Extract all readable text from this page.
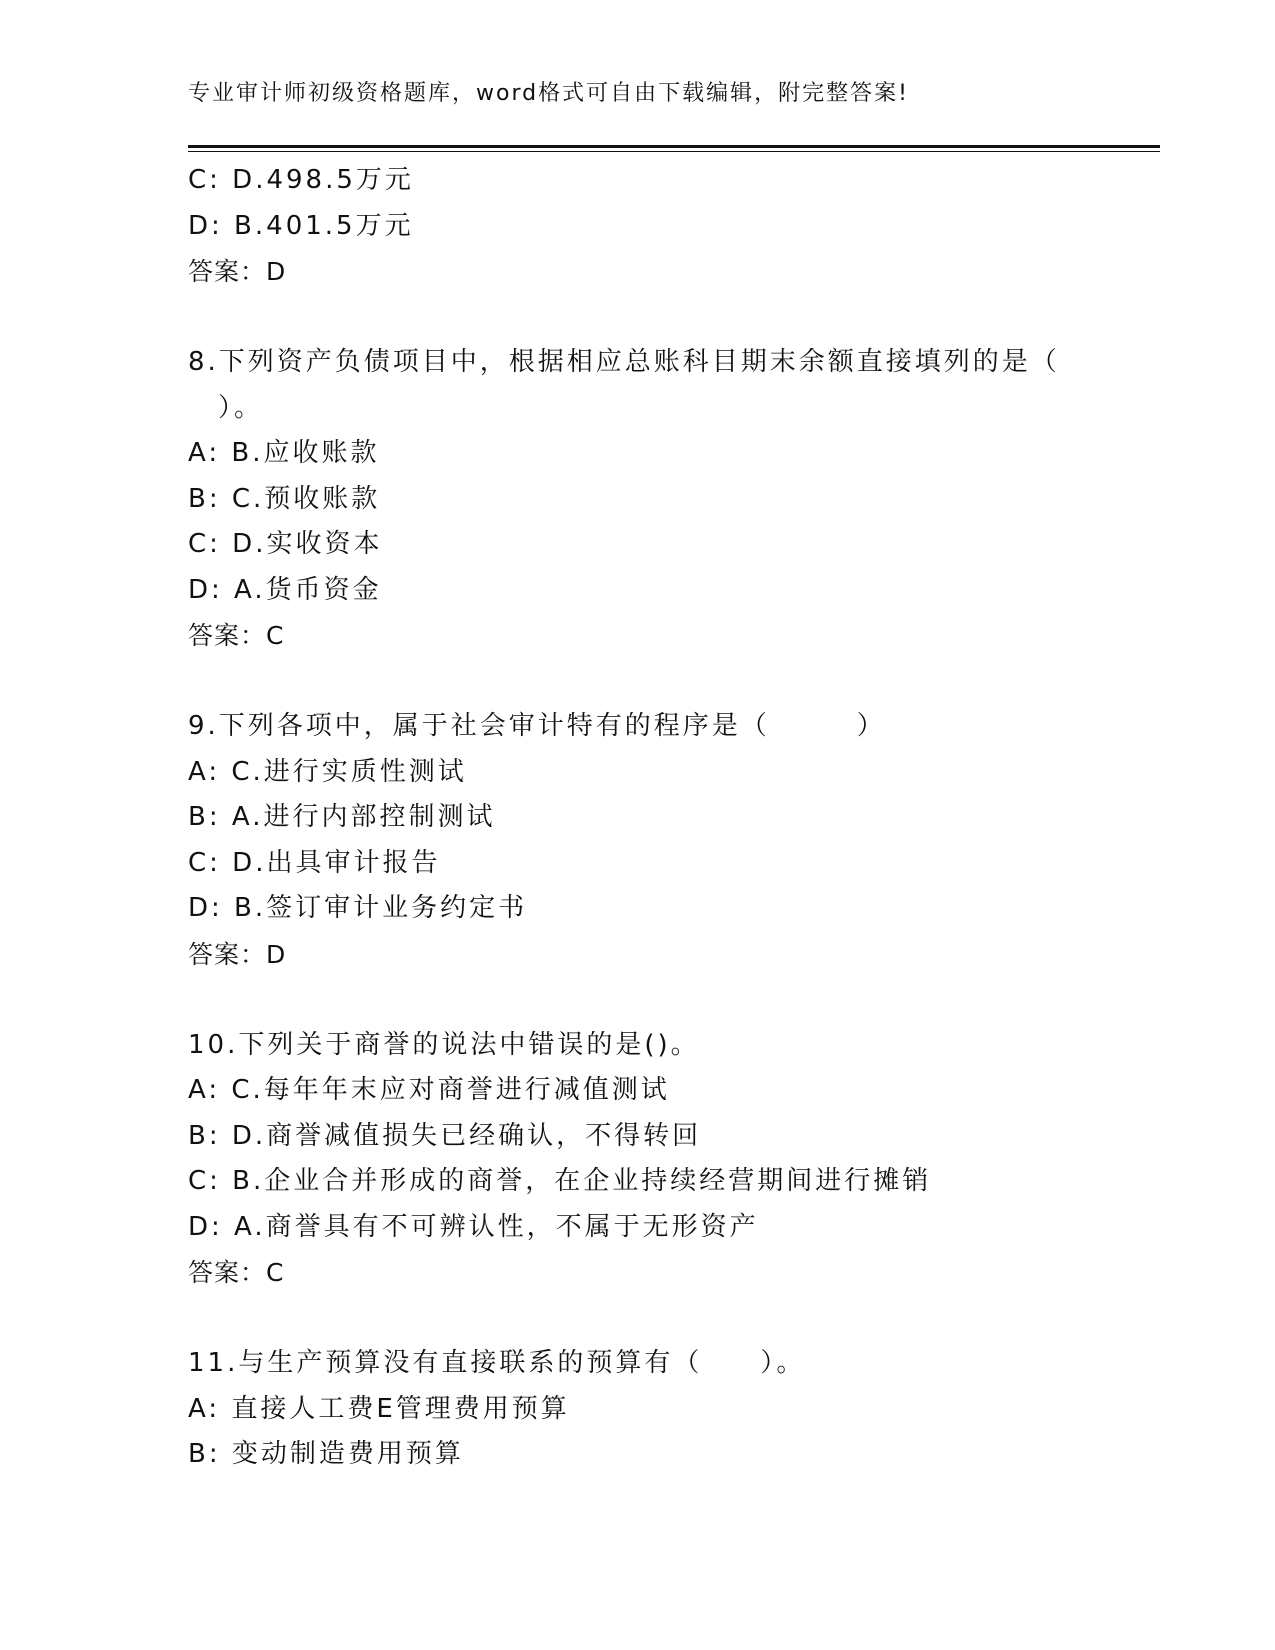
专业审计师初级资格题库，word格式可自由下载编辑，附完整答案!
C: D.498.5万元
D: B.401.5万元
答案：D
8.下列资产负债项目中，根据相应总账科目期末余额直接填列的是（
）。
A: B.应收账款
B: C.预收账款
C: D.实收资本
D: A.货币资金
答案：C
9.下列各项中，属于社会审计特有的程序是（　　　）
A: C.进行实质性测试
B: A.进行内部控制测试
C: D.出具审计报告
D: B.签订审计业务约定书
答案：D
10.下列关于商誉的说法中错误的是()。
A: C.每年年末应对商誉进行减值测试
B: D.商誉减值损失已经确认，不得转回
C: B.企业合并形成的商誉，在企业持续经营期间进行摊销
D: A.商誉具有不可辨认性，不属于无形资产
答案：C
11.与生产预算没有直接联系的预算有（　　）。
A: 直接人工费E管理费用预算
B: 变动制造费用预算
